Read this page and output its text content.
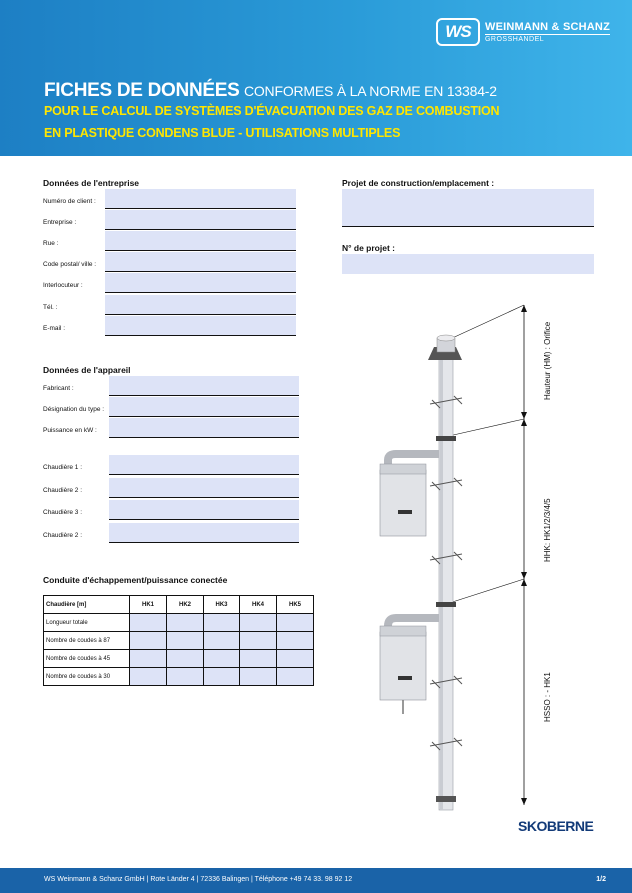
WS	WEINMANN & SCHANZ
GROSSHANDEL
FICHES DE DONNÉES CONFORMES À LA NORME EN 13384-2
POUR LE CALCUL DE SYSTÈMES D'ÉVACUATION DES GAZ DE COMBUSTION
EN PLASTIQUE CONDENS BLUE - UTILISATIONS MULTIPLES
Données de l'entreprise
Numéro de client :
Entreprise :
Rue :
Code postal/ ville :
Interlocuteur :
Tél. :
E-mail :
Projet de construction/emplacement :
N° de projet :
Données de l'appareil
Fabricant :
Désignation du type :
Puissance en kW :
Chaudière 1 :
Chaudière 2 :
Chaudière 3 :
Chaudière 2 :
Conduite d'échappement/puissance conectée
Chaudière [m]	HK1	HK2	HK3	HK4	HK5
Longueur totale					
Nombre de coudes à 87					
Nombre de coudes à 45					
Nombre de coudes à 30					
Hauteur (HM) : Orifice
HHK: HK1/2/3/4/5
HSSO : - HK1
SKOBERNE
WS Weinmann & Schanz GmbH | Rote Länder 4 | 72336 Balingen | Téléphone +49 74 33. 98 92 12	1/2
